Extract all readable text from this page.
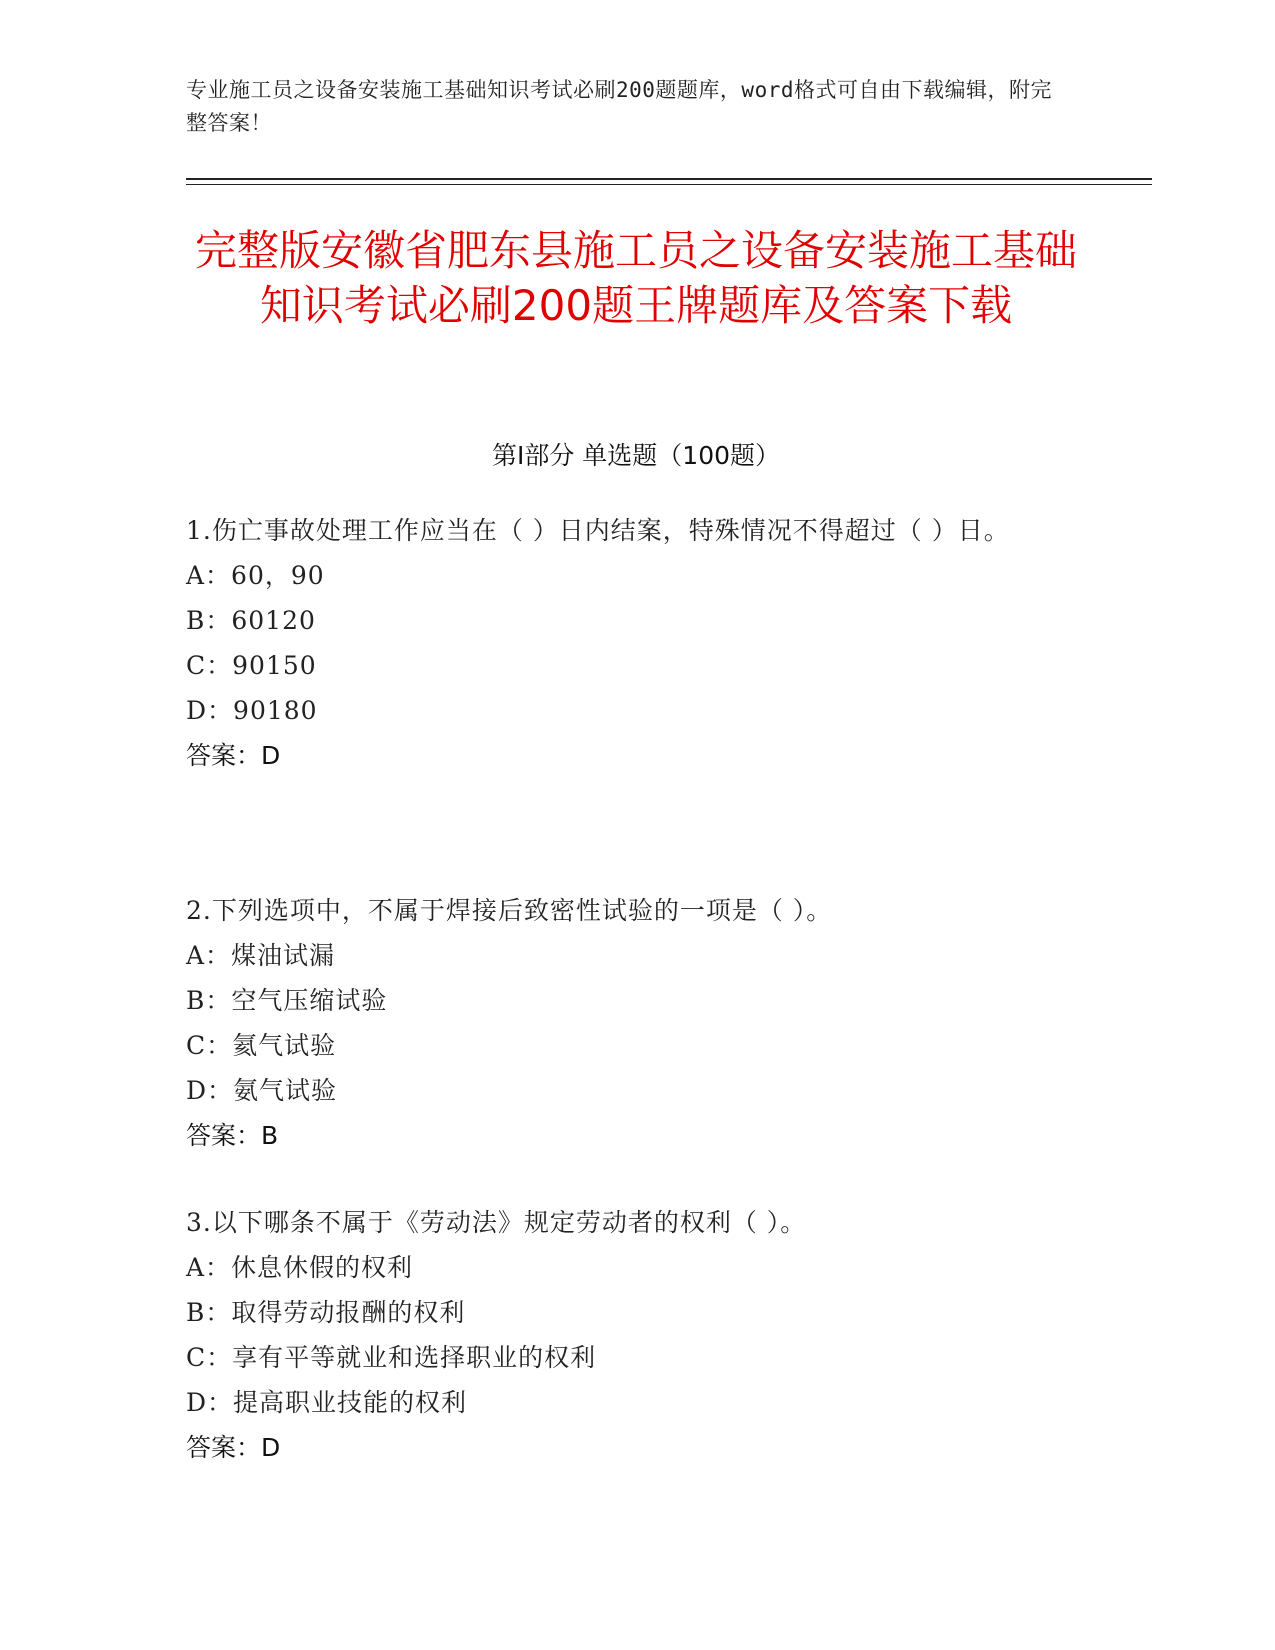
专业施工员之设备安装施工基础知识考试必刷200题题库，word格式可自由下载编辑，附完整答案！
完整版安徽省肥东县施工员之设备安装施工基础知识考试必刷200题王牌题库及答案下载
第I部分 单选题（100题）

1.伤亡事故处理工作应当在（ ）日内结案，特殊情况不得超过（ ）日。

A：60，90

B：60120

C：90150

D：90180

答案：D

2.下列选项中，不属于焊接后致密性试验的一项是（ ）。

A：煤油试漏

B：空气压缩试验

C：氦气试验

D：氨气试验

答案：B

3.以下哪条不属于《劳动法》规定劳动者的权利（ ）。

A：休息休假的权利

B：取得劳动报酬的权利

C：享有平等就业和选择职业的权利

D：提高职业技能的权利

答案：D
